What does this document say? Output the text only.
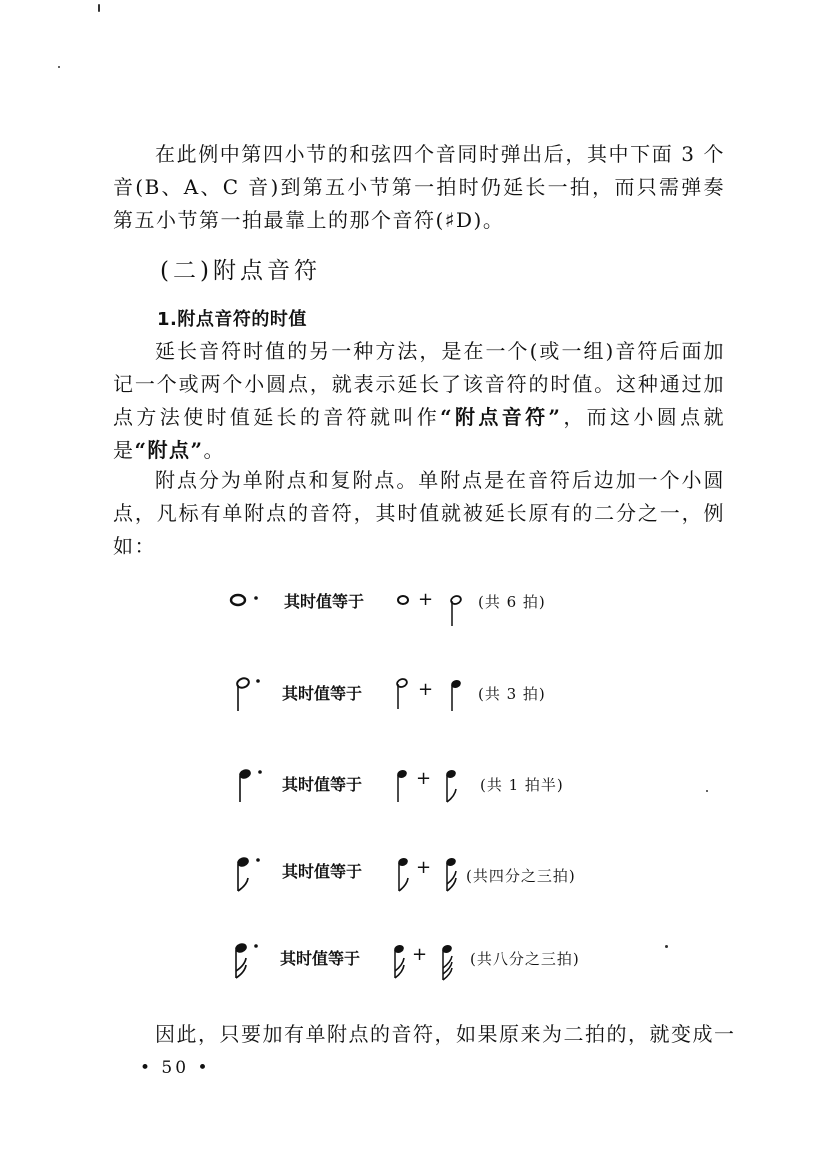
在此例中第四小节的和弦四个音同时弹出后，其中下面 3 个音(B、A、C 音)到第五小节第一拍时仍延长一拍，而只需弹奏第五小节第一拍最靠上的那个音符(♯D)。

(二)附点音符
1.附点音符的时值

延长音符时值的另一种方法，是在一个(或一组)音符后面加记一个或两个小圆点，就表示延长了该音符的时值。这种通过加点方法使时值延长的音符就叫作“附点音符”，而这小圆点就是“附点”。

附点分为单附点和复附点。单附点是在音符后边加一个小圆点，凡标有单附点的音符，其时值就被延长原有的二分之一，例如：

其时值等于	+	(共 6 拍)
其时值等于	+	(共 3 拍)
其时值等于	+	(共 1 拍半)
其时值等于	+ (共四分之三拍)
其时值等于	+	(共八分之三拍)

因此，只要加有单附点的音符，如果原来为二拍的，就变成一

• 50 •
